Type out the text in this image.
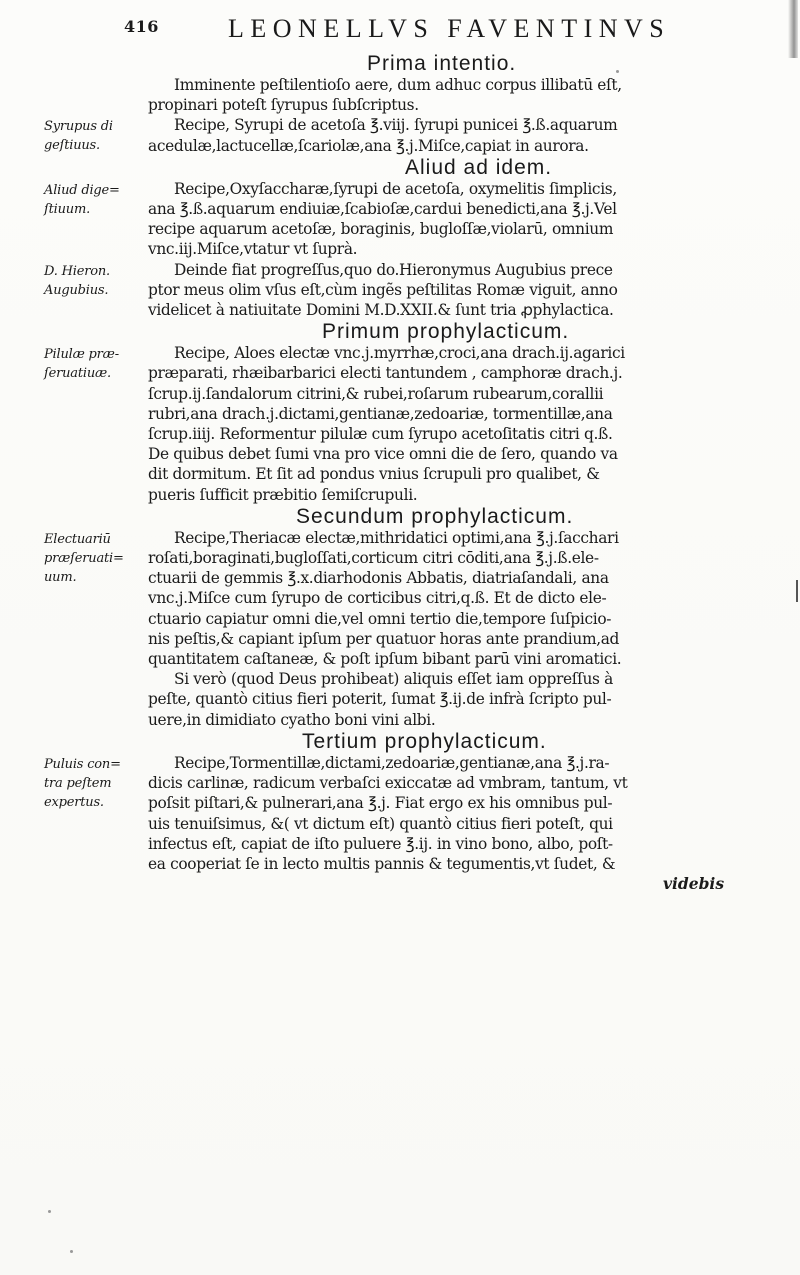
416	LEONELLVS FAVENTINVS
Prima intentio.
Imminente peſtilentioſo aere, dum adhuc corpus illibatū eſt,
propinari poteſt ſyrupus ſubſcriptus.
Recipe, Syrupi de acetoſa ℥.viij. ſyrupi punicei ℥.ß.aquarum
acedulæ,lactucellæ,ſcariolæ,ana ℥.j.Miſce,capiat in aurora.
Syrupus di
geſtiuus.
Aliud ad idem.
Recipe,Oxyſaccharæ,ſyrupi de acetoſa, oxymelitis ſimplicis,
ana ℥.ß.aquarum endiuiæ,ſcabioſæ,cardui benedicti,ana ℥.j.Vel
recipe aquarum acetoſæ, boraginis, bugloſſæ,violarū, omnium
vnc.iij.Miſce,vtatur vt ſuprà.
Aliud dige=
ſtiuum.
Deinde fiat progreſſus,quo do.Hieronymus Augubius prece
ptor meus olim vſus eſt,cùm ingẽs peſtilitas Romæ viguit, anno
videlicet à natiuitate Domini M.D.XXII.& ſunt tria ꝓphylactica.
D. Hieron.
Augubius.
Primum prophylacticum.
Recipe, Aloes electæ vnc.j.myrrhæ,croci,ana drach.ij.agarici
præparati, rhæibarbarici electi tantundem , camphoræ drach.j.
ſcrup.ij.ſandalorum citrini,& rubei,roſarum rubearum,corallii
rubri,ana drach.j.dictami,gentianæ,zedoariæ, tormentillæ,ana
ſcrup.iiij. Reformentur pilulæ cum ſyrupo acetoſitatis citri q.ß.
De quibus debet ſumi vna pro vice omni die de ſero, quando va
dit dormitum. Et ſit ad pondus vnius ſcrupuli pro qualibet, &
pueris ſufficit præbitio ſemiſcrupuli.
Pilulæ præ-
ſeruatiuæ.
Secundum prophylacticum.
Recipe,Theriacæ electæ,mithridatici optimi,ana ℥.j.ſacchari
roſati,boraginati,bugloſſati,corticum citri cōditi,ana ℥.j.ß.ele-
ctuarii de gemmis ℥.x.diarhodonis Abbatis, diatriaſandali, ana
vnc.j.Miſce cum ſyrupo de corticibus citri,q.ß. Et de dicto ele-
ctuario capiatur omni die,vel omni tertio die,tempore ſuſpicio-
nis peſtis,& capiant ipſum per quatuor horas ante prandium,ad
quantitatem caſtaneæ, & poſt ipſum bibant parū vini aromatici.
Electuariū
præſeruati=
uum.
Si verò (quod Deus prohibeat) aliquis eſſet iam oppreſſus à
peſte, quantò citius fieri poterit, ſumat ℥.ij.de infrà ſcripto pul-
uere,in dimidiato cyatho boni vini albi.
Tertium prophylacticum.
Recipe,Tormentillæ,dictami,zedoariæ,gentianæ,ana ℥.j.ra-
dicis carlinæ, radicum verbaſci exiccatæ ad vmbram, tantum, vt
poſsit piſtari,& pulnerari,ana ℥.j. Fiat ergo ex his omnibus pul-
uis tenuiſsimus, &( vt dictum eſt) quantò citius fieri poteſt, qui
infectus eſt, capiat de iſto puluere ℥.ij. in vino bono, albo, poſt-
ea cooperiat ſe in lecto multis pannis & tegumentis,vt ſudet, &
Puluis con=
tra peſtem
expertus.
videbis
